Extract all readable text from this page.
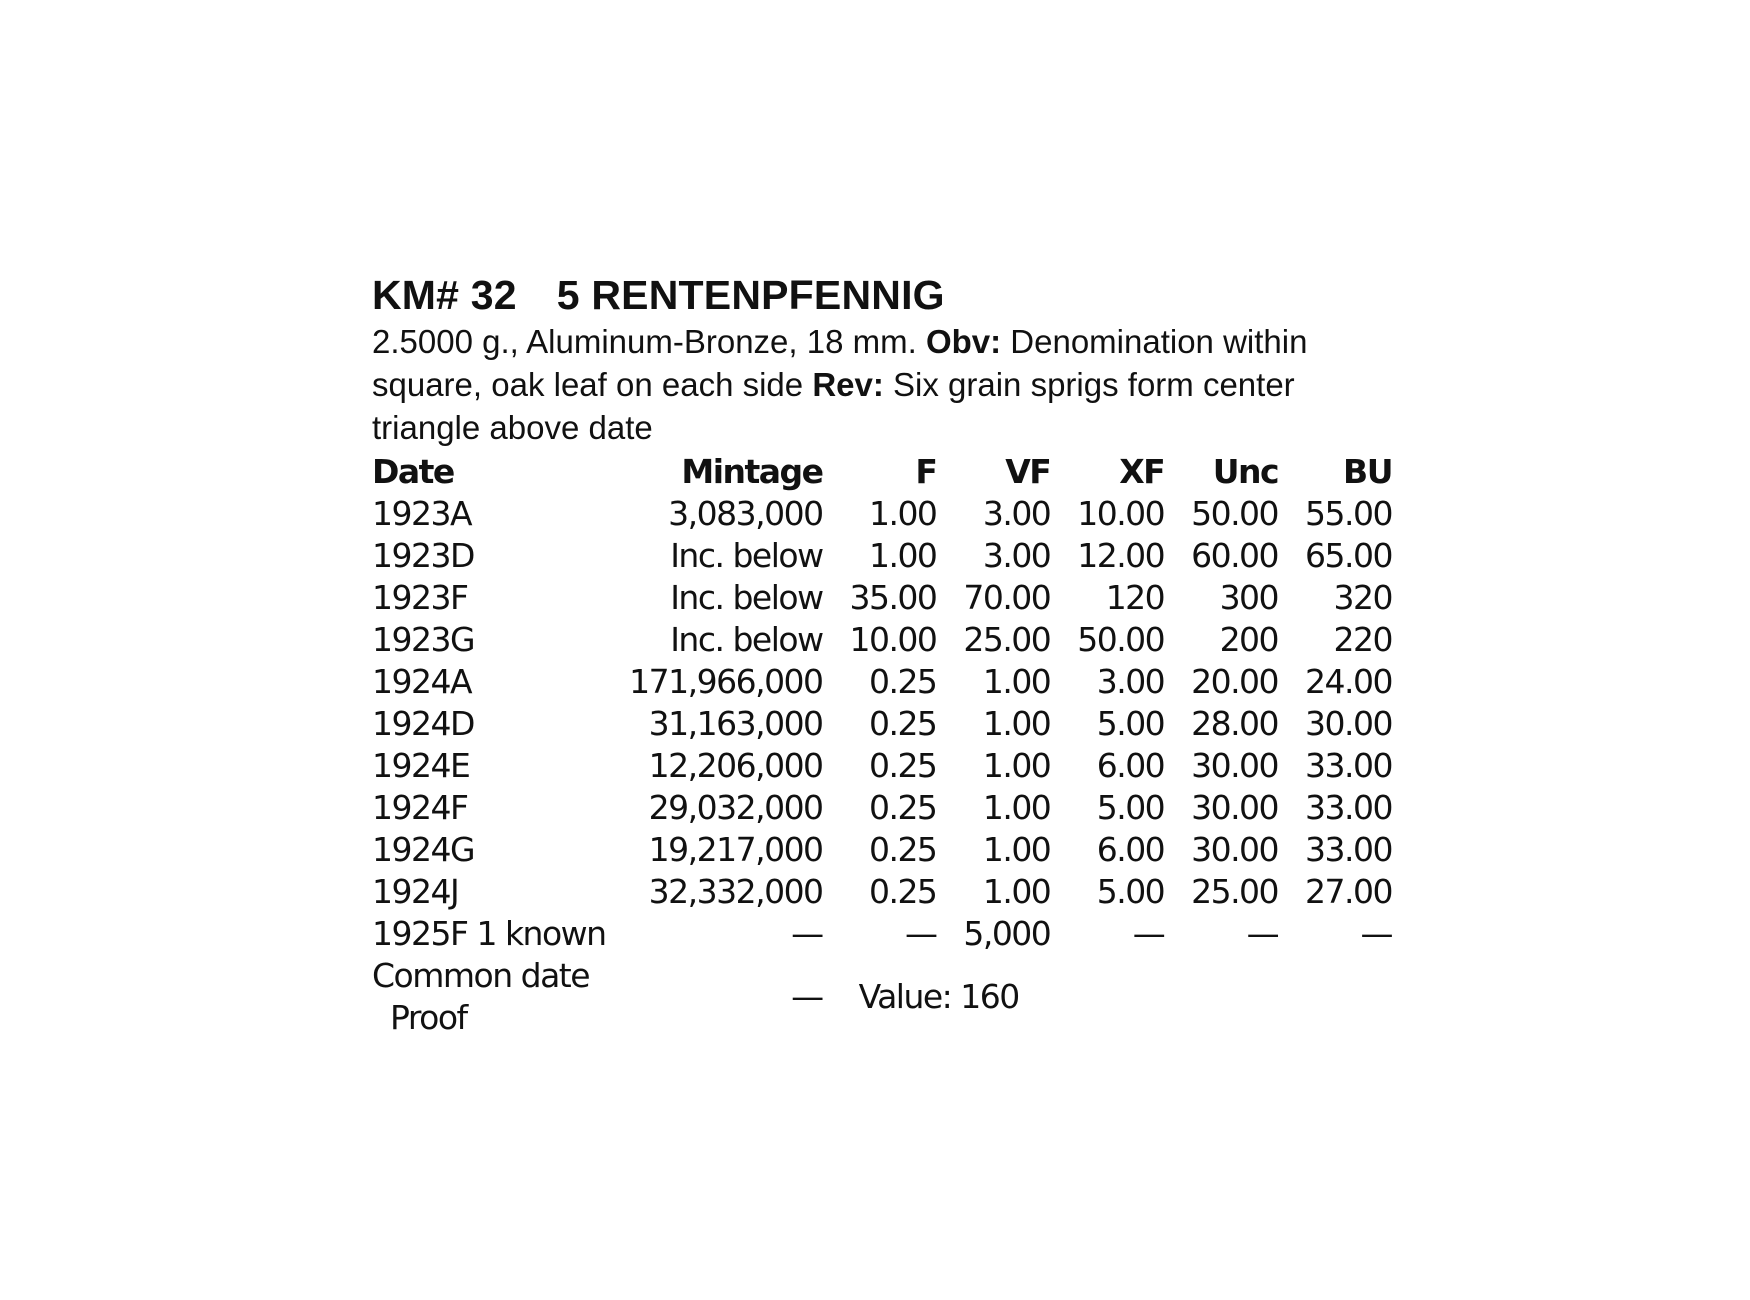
KM# 32 5 RENTENPFENNIG
2.5000 g., Aluminum-Bronze, 18 mm. Obv: Denomination within square, oak leaf on each side Rev: Six grain sprigs form center triangle above date
Date	Mintage	F	VF	XF	Unc	BU
1923A	3,083,000	1.00	3.00	10.00	50.00	55.00
1923D	Inc. below	1.00	3.00	12.00	60.00	65.00
1923F	Inc. below	35.00	70.00	120	300	320
1923G	Inc. below	10.00	25.00	50.00	200	220
1924A	171,966,000	0.25	1.00	3.00	20.00	24.00
1924D	31,163,000	0.25	1.00	5.00	28.00	30.00
1924E	12,206,000	0.25	1.00	6.00	30.00	33.00
1924F	29,032,000	0.25	1.00	5.00	30.00	33.00
1924G	19,217,000	0.25	1.00	6.00	30.00	33.00
1924J	32,332,000	0.25	1.00	5.00	25.00	27.00
1925F 1 known	—	—	5,000	—	—	—
Common date
Proof	—	Value: 160				
